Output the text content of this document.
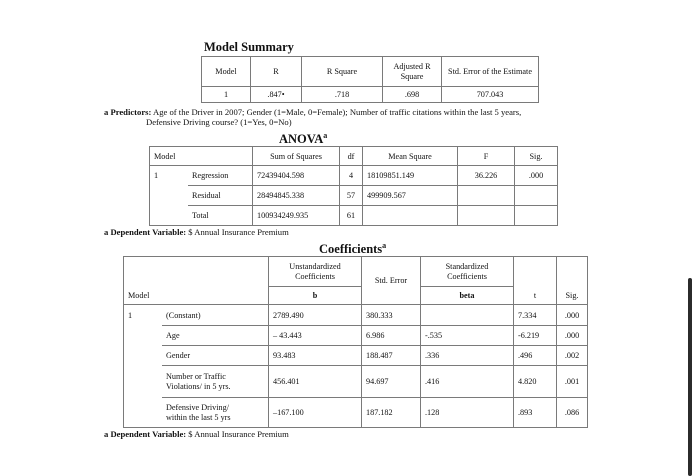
Model Summary
Model	R	R Square	Adjusted R Square	Std. Error of the Estimate
1	.847•	.718	.698	707.043
a Predictors: Age of the Driver in 2007; Gender (1=Male, 0=Female); Number of traffic citations within the last 5 years,
Defensive Driving course? (1=Yes, 0=No)
ANOVA$^a$
Model		Sum of Squares	df	Mean Square	F	Sig.
1	Regression	72439404.598	4	18109851.149	36.226	.000
	Residual	28494845.338	57	499909.567		
	Total	100934249.935	61			
a Dependent Variable: $ Annual Insurance Premium
Coefficients$^a$
		Unstandardized Coefficients	Std. Error	Standardized Coefficients		
Model		b		beta	t	Sig.
1	(Constant)	2789.490	380.333		7.334	.000
	Age	– 43.443	6.986	-.535	-6.219	.000
	Gender	93.483	188.487	.336	.496	.002
	Number or Traffic
Violations/ in 5 yrs.	456.401	94.697	.416	4.820	.001
	Defensive Driving/
within the last 5 yrs	–167.100	187.182	.128	.893	.086
a Dependent Variable: $ Annual Insurance Premium
